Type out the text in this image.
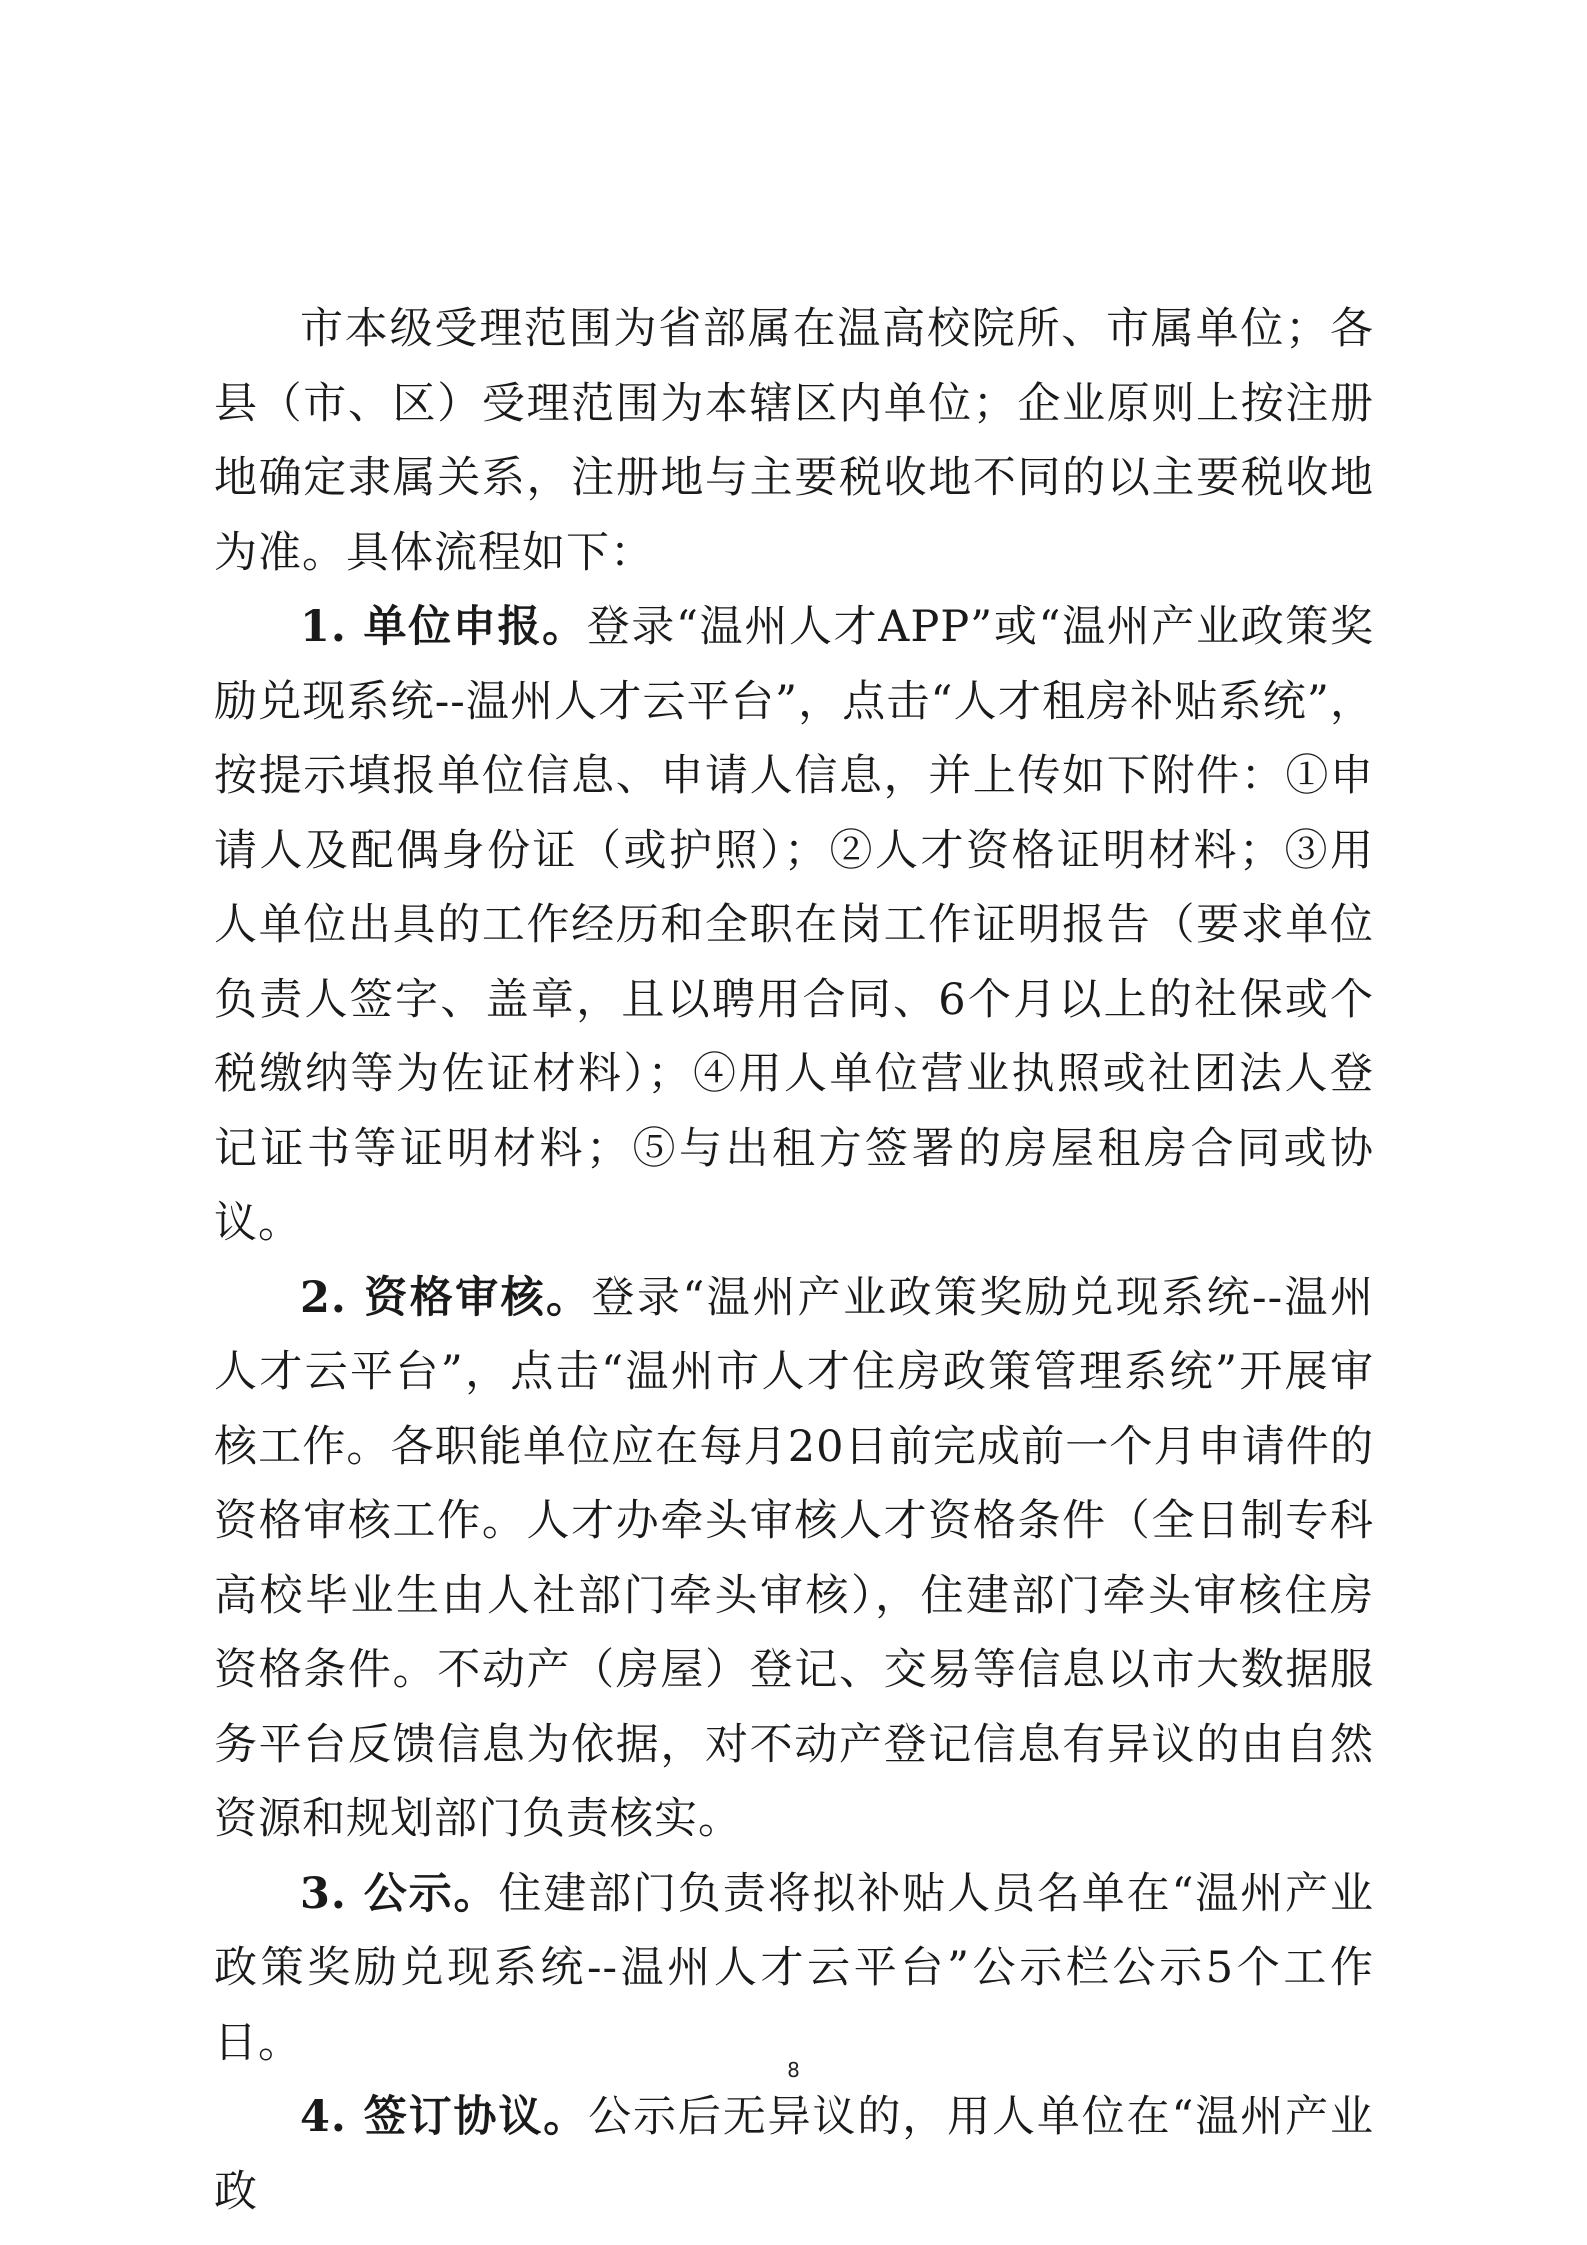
市本级受理范围为省部属在温高校院所、市属单位；各县（市、区）受理范围为本辖区内单位；企业原则上按注册地确定隶属关系，注册地与主要税收地不同的以主要税收地为准。具体流程如下：

1. 单位申报。登录“温州人才APP”或“温州产业政策奖励兑现系统--温州人才云平台”，点击“人才租房补贴系统”，按提示填报单位信息、申请人信息，并上传如下附件：①申请人及配偶身份证（或护照）；②人才资格证明材料；③用人单位出具的工作经历和全职在岗工作证明报告（要求单位负责人签字、盖章，且以聘用合同、6个月以上的社保或个税缴纳等为佐证材料）；④用人单位营业执照或社团法人登记证书等证明材料；⑤与出租方签署的房屋租房合同或协议。

2. 资格审核。登录“温州产业政策奖励兑现系统--温州人才云平台”，点击“温州市人才住房政策管理系统”开展审核工作。各职能单位应在每月20日前完成前一个月申请件的资格审核工作。人才办牵头审核人才资格条件（全日制专科高校毕业生由人社部门牵头审核），住建部门牵头审核住房资格条件。不动产（房屋）登记、交易等信息以市大数据服务平台反馈信息为依据，对不动产登记信息有异议的由自然资源和规划部门负责核实。

3. 公示。住建部门负责将拟补贴人员名单在“温州产业政策奖励兑现系统--温州人才云平台”公示栏公示5个工作日。

4. 签订协议。公示后无异议的，用人单位在“温州产业政

8
